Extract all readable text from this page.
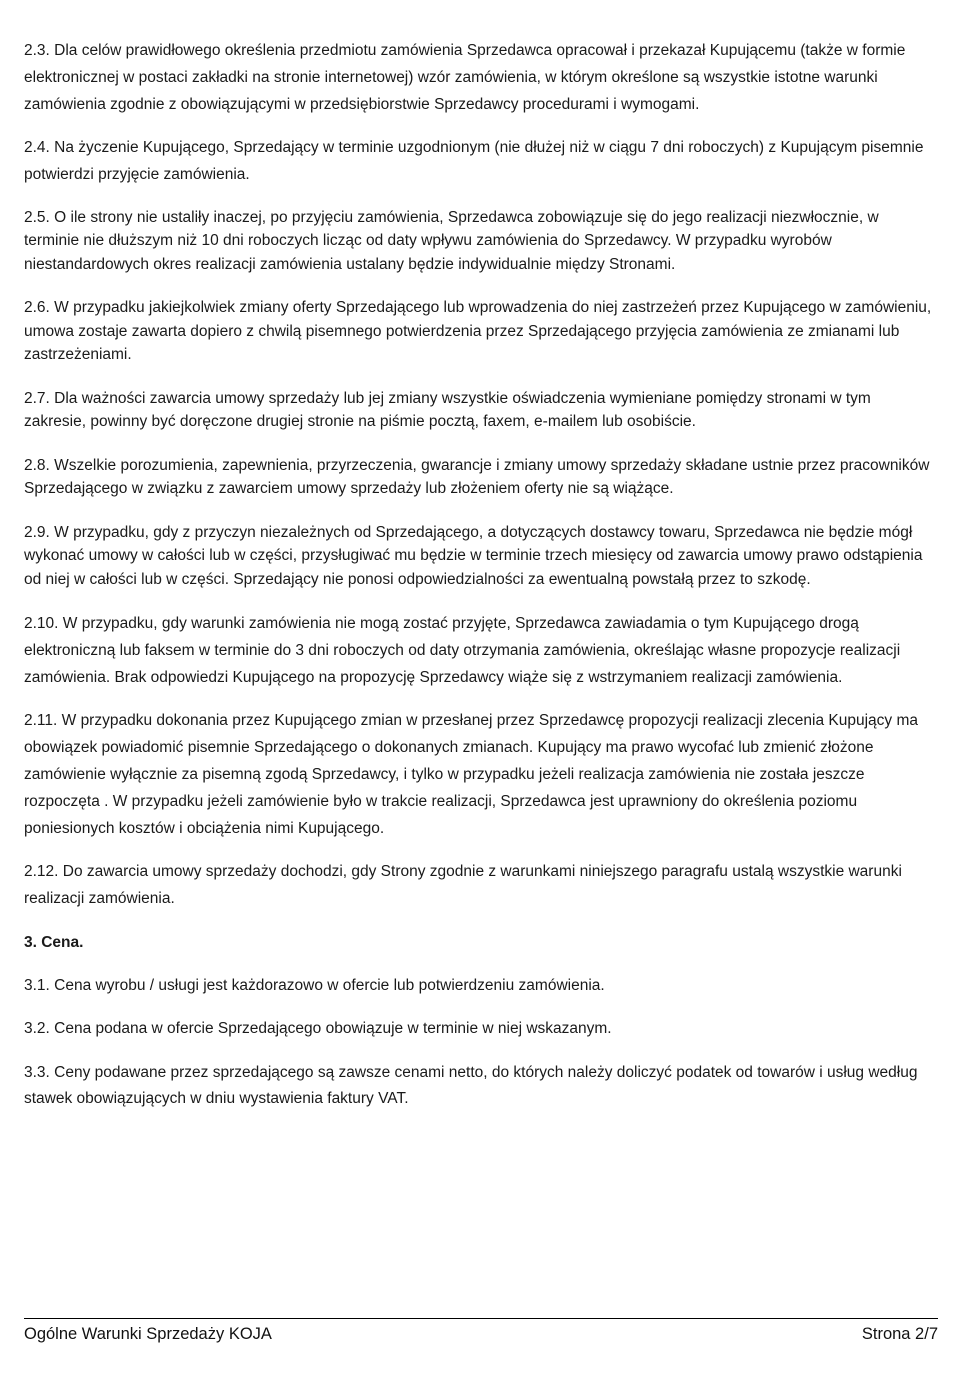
2.3. Dla celów prawidłowego określenia przedmiotu zamówienia Sprzedawca opracował i przekazał Kupującemu (także w formie elektronicznej w postaci zakładki na stronie internetowej) wzór zamówienia, w którym określone są wszystkie istotne warunki zamówienia zgodnie z obowiązującymi w przedsiębiorstwie Sprzedawcy procedurami i wymogami.

2.4. Na życzenie Kupującego, Sprzedający w terminie uzgodnionym (nie dłużej niż w ciągu 7 dni roboczych) z Kupującym pisemnie potwierdzi przyjęcie zamówienia.

2.5. O ile strony nie ustaliły inaczej, po przyjęciu zamówienia, Sprzedawca zobowiązuje się do jego realizacji niezwłocznie, w terminie nie dłuższym niż 10 dni roboczych licząc od daty wpływu zamówienia do Sprzedawcy. W przypadku wyrobów niestandardowych okres realizacji zamówienia ustalany będzie indywidualnie między Stronami.

2.6. W przypadku jakiejkolwiek zmiany oferty Sprzedającego lub wprowadzenia do niej zastrzeżeń przez Kupującego w zamówieniu, umowa zostaje zawarta dopiero z chwilą pisemnego potwierdzenia przez Sprzedającego przyjęcia zamówienia ze zmianami lub zastrzeżeniami.

2.7. Dla ważności zawarcia umowy sprzedaży lub jej zmiany wszystkie oświadczenia wymieniane pomiędzy stronami w tym zakresie, powinny być doręczone drugiej stronie na piśmie pocztą, faxem, e-mailem lub osobiście.

2.8. Wszelkie porozumienia, zapewnienia, przyrzeczenia, gwarancje i zmiany umowy sprzedaży składane ustnie przez pracowników Sprzedającego w związku z zawarciem umowy sprzedaży lub złożeniem oferty nie są wiążące.

2.9. W przypadku, gdy z przyczyn niezależnych od Sprzedającego, a dotyczących dostawcy towaru, Sprzedawca nie będzie mógł wykonać umowy w całości lub w części, przysługiwać mu będzie w terminie trzech miesięcy od zawarcia umowy prawo odstąpienia od niej w całości lub w części. Sprzedający nie ponosi odpowiedzialności za ewentualną powstałą przez to szkodę.

2.10. W przypadku, gdy warunki zamówienia nie mogą zostać przyjęte, Sprzedawca zawiadamia o tym Kupującego drogą elektroniczną lub faksem w terminie do 3 dni roboczych od daty otrzymania zamówienia, określając własne propozycje realizacji zamówienia. Brak odpowiedzi Kupującego na propozycję Sprzedawcy wiąże się z wstrzymaniem realizacji zamówienia.

2.11. W przypadku dokonania przez Kupującego zmian w przesłanej przez Sprzedawcę propozycji realizacji zlecenia Kupujący ma obowiązek powiadomić pisemnie Sprzedającego o dokonanych zmianach. Kupujący ma prawo wycofać lub zmienić złożone zamówienie wyłącznie za pisemną zgodą Sprzedawcy, i tylko w przypadku jeżeli realizacja zamówienia nie została jeszcze rozpoczęta . W przypadku jeżeli zamówienie było w trakcie realizacji, Sprzedawca jest uprawniony do określenia poziomu poniesionych kosztów i obciążenia nimi Kupującego.

2.12. Do zawarcia umowy sprzedaży dochodzi, gdy Strony zgodnie z warunkami niniejszego paragrafu ustalą wszystkie warunki realizacji zamówienia.

3. Cena.

3.1. Cena wyrobu / usługi jest każdorazowo w ofercie lub potwierdzeniu zamówienia.

3.2. Cena podana w ofercie Sprzedającego obowiązuje w terminie w niej wskazanym.

3.3. Ceny podawane przez sprzedającego są zawsze cenami netto, do których należy doliczyć podatek od towarów i usług według stawek obowiązujących w dniu wystawienia faktury VAT.

Ogólne Warunki Sprzedaży KOJA	Strona 2/7
